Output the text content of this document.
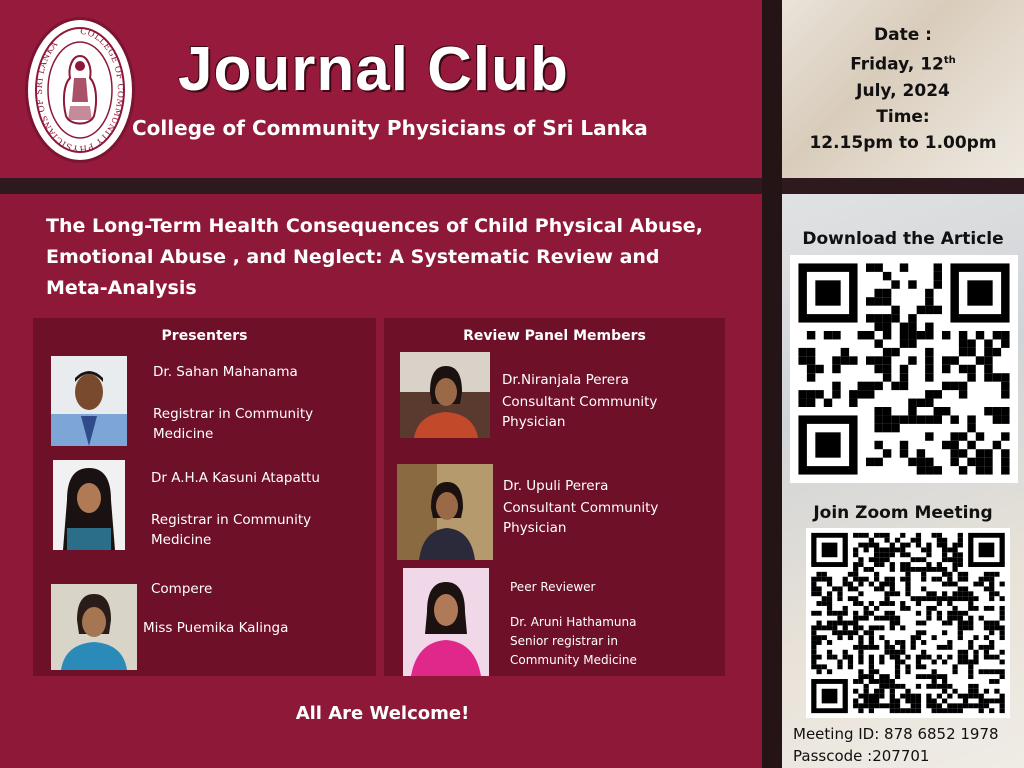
COLLEGE OF COMMUNITY PHYSICIANS OF SRI LANKA	Journal Club
College of Community Physicians of Sri Lanka
Date :
Friday, 12th
July, 2024
Time:
12.15pm to 1.00pm
The Long-Term Health Consequences of Child Physical Abuse, Emotional Abuse , and Neglect: A Systematic Review and Meta-Analysis
Presenters
Dr. Sahan Mahanama
Registrar in Community Medicine
Dr A.H.A Kasuni Atapattu
Registrar in Community Medicine
Compere
Miss Puemika Kalinga
Review Panel Members
Dr.Niranjala Perera
Consultant Community Physician
Dr. Upuli Perera
Consultant Community Physician
Peer Reviewer
Dr. Aruni Hathamuna
Senior registrar in Community Medicine
All Are Welcome!
Download the Article
Join Zoom Meeting
Meeting ID: 878 6852 1978
Passcode :207701
